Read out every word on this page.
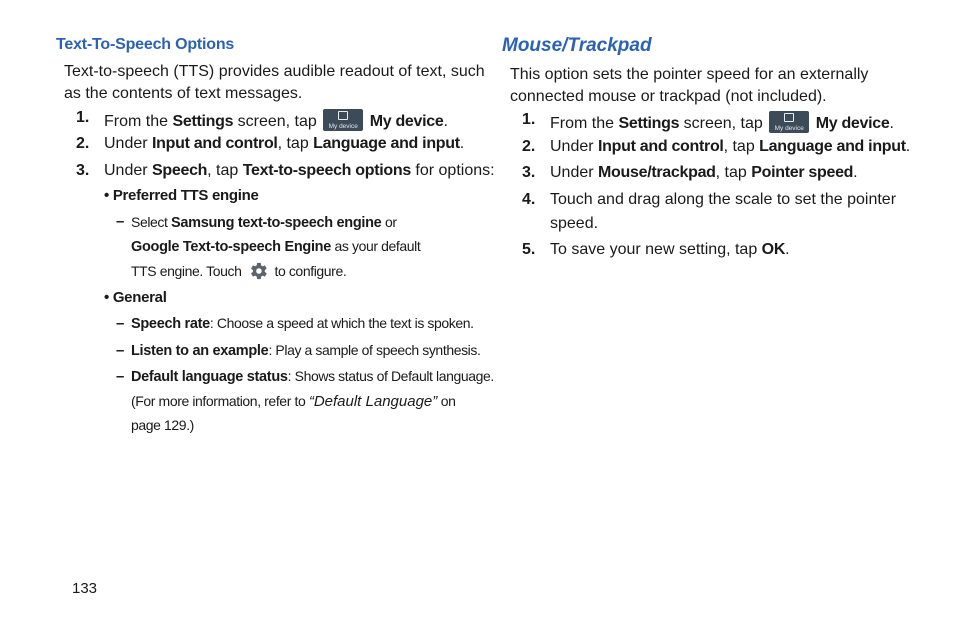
Text-To-Speech Options
Text-to-speech (TTS) provides audible readout of text, such
as the contents of text messages.
1. From the Settings screen, tap	My device My device.
2. Under Input and control, tap Language and input.
3. Under Speech, tap Text-to-speech options for options:
• Preferred TTS engine
– Select Samsung text-to-speech engine or
Google Text-to-speech Engine as your default
TTS engine. Touch to configure.
• General
– Speech rate: Choose a speed at which the text is spoken.
– Listen to an example: Play a sample of speech synthesis.
– Default language status: Shows status of Default language.
(For more information, refer to “Default Language” on
page 129.)
Mouse/Trackpad
This option sets the pointer speed for an externally
connected mouse or trackpad (not included).
1. From the Settings screen, tap	My device My device.
2. Under Input and control, tap Language and input.
3. Under Mouse/trackpad, tap Pointer speed.
4. Touch and drag along the scale to set the pointer
speed.
5. To save your new setting, tap OK.
133
